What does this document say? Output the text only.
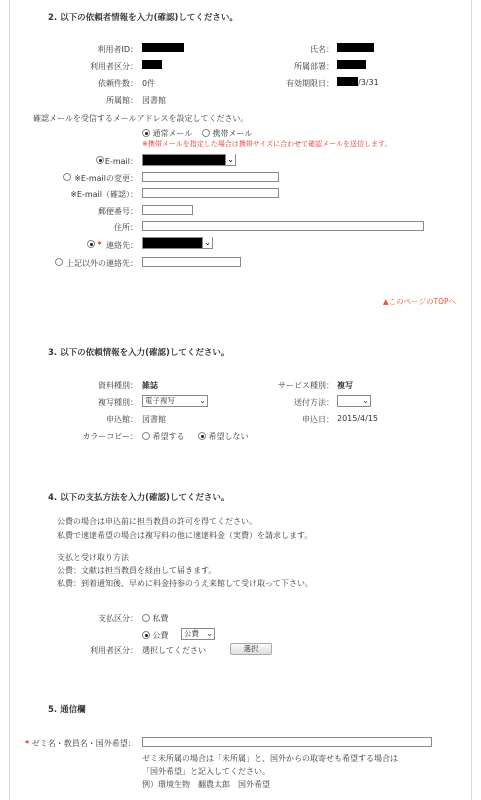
2. 以下の依頼者情報を入力(確認)してください。
利用者ID：	氏名：
利用者区分：	所属部署：
依頼件数： 0件	有効期限日：	/3/31
所属館： 図書館
確認メールを受信するメールアドレスを設定してください。
通常メール	携帯メール
※携帯メールを指定した場合は携帯サイズに合わせて確認メールを送信します。
E-mail：	⌄
※E-mailの変更：
※E-mail（確認）：
郵便番号：
住所：
* 連絡先：	⌄
上記以外の連絡先：
▲このページのTOPへ
3. 以下の依頼情報を入力(確認)してください。
資料種別： 雑誌	サービス種別： 複写
複写種別： 電子複写	⌄	送付方法：	⌄
申込館： 図書館	申込日： 2015/4/15
カラーコピー：	希望する	希望しない
4. 以下の支払方法を入力(確認)してください。
公費の場合は申込前に担当教員の許可を得てください。
私費で速達希望の場合は複写料の他に速達料金（実費）を請求します。
支払と受け取り方法
公費：文献は担当教員を経由して届きます。
私費：到着通知後、早めに料金持参のうえ来館して受け取って下さい。
支払区分：	私費
公費	公費 ⌄
利用者区分： 選択してください	選択
5. 通信欄
* ゼミ名・教員名・国外希望：
ゼミ未所属の場合は「未所属」と、国外からの取寄せも希望する場合は
「国外希望」と記入してください。
例）環境生物　翻農太郎　国外希望
